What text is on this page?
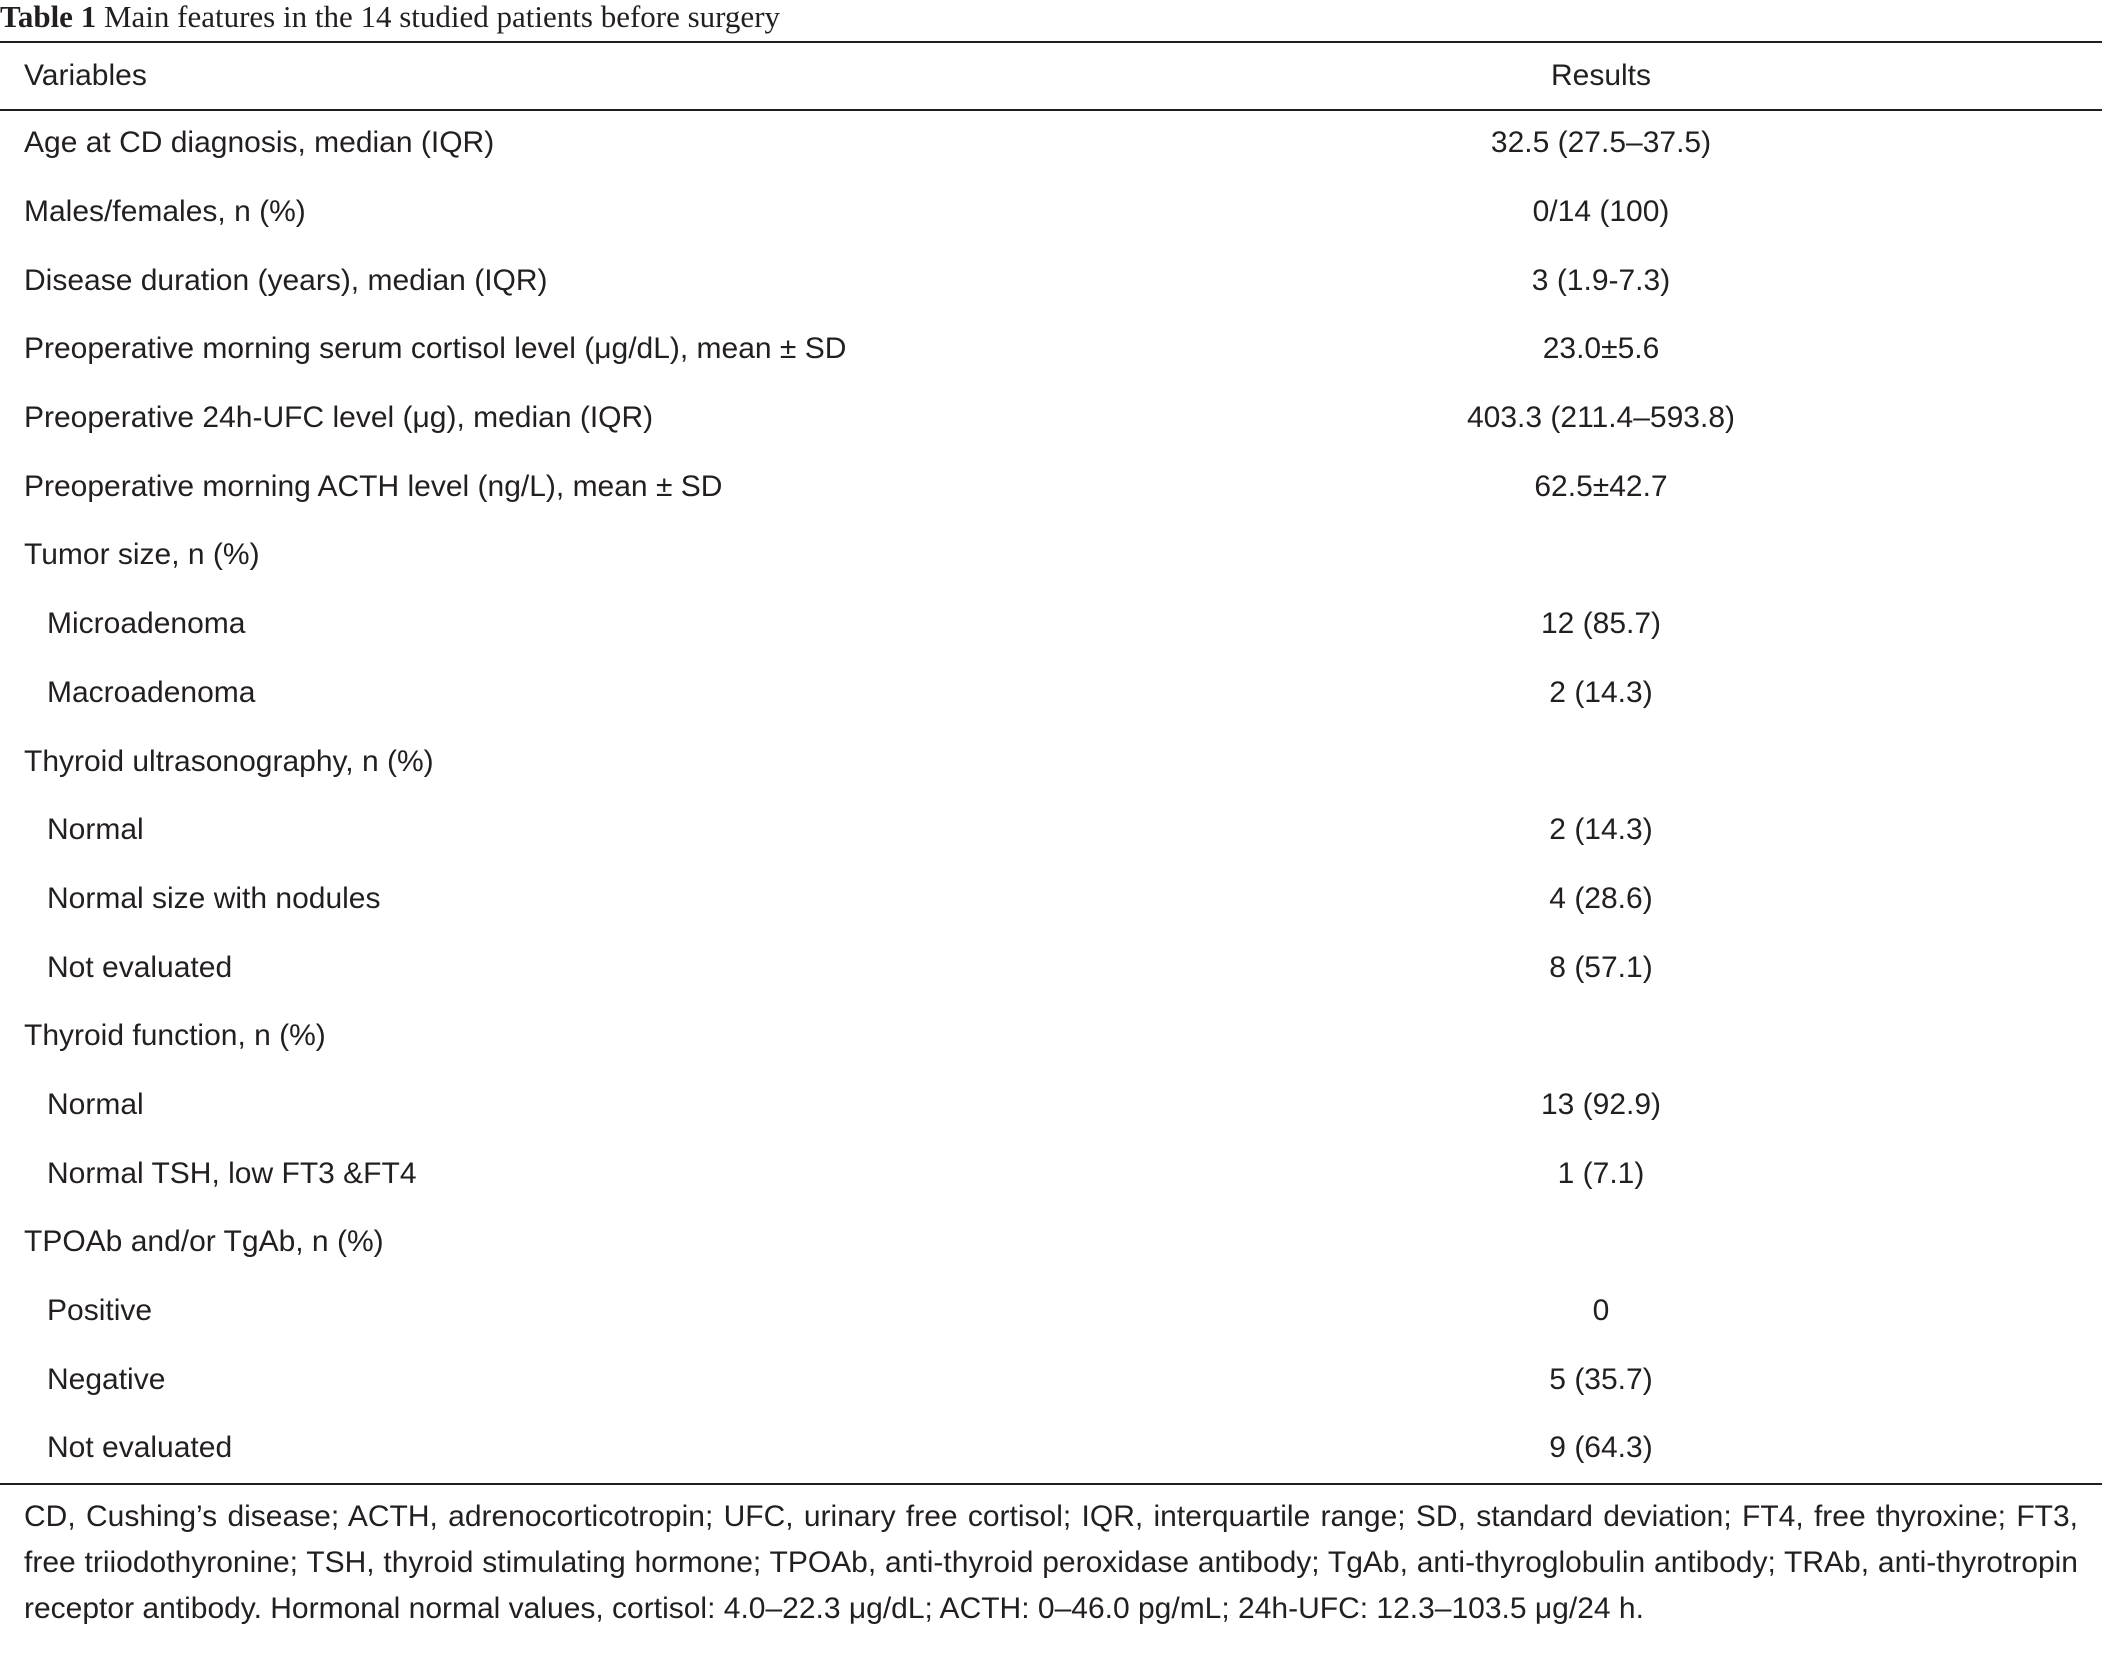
Table 1 Main features in the 14 studied patients before surgery
Variables	Results
Age at CD diagnosis, median (IQR)	32.5 (27.5–37.5)
Males/females, n (%)	0/14 (100)
Disease duration (years), median (IQR)	3 (1.9-7.3)
Preoperative morning serum cortisol level (μg/dL), mean ± SD	23.0±5.6
Preoperative 24h-UFC level (μg), median (IQR)	403.3 (211.4–593.8)
Preoperative morning ACTH level (ng/L), mean ± SD	62.5±42.7
Tumor size, n (%)	
Microadenoma	12 (85.7)
Macroadenoma	2 (14.3)
Thyroid ultrasonography, n (%)	
Normal	2 (14.3)
Normal size with nodules	4 (28.6)
Not evaluated	8 (57.1)
Thyroid function, n (%)	
Normal	13 (92.9)
Normal TSH, low FT3 &FT4	1 (7.1)
TPOAb and/or TgAb, n (%)	
Positive	0
Negative	5 (35.7)
Not evaluated	9 (64.3)
CD, Cushing’s disease; ACTH, adrenocorticotropin; UFC, urinary free cortisol; IQR, interquartile range; SD, standard deviation; FT4, free thyroxine; FT3, free triiodothyronine; TSH, thyroid stimulating hormone; TPOAb, anti-thyroid peroxidase antibody; TgAb, anti-thyroglobulin antibody; TRAb, anti-thyrotropin receptor antibody. Hormonal normal values, cortisol: 4.0–22.3 μg/dL; ACTH: 0–46.0 pg/mL; 24h-UFC: 12.3–103.5 μg/24 h.
